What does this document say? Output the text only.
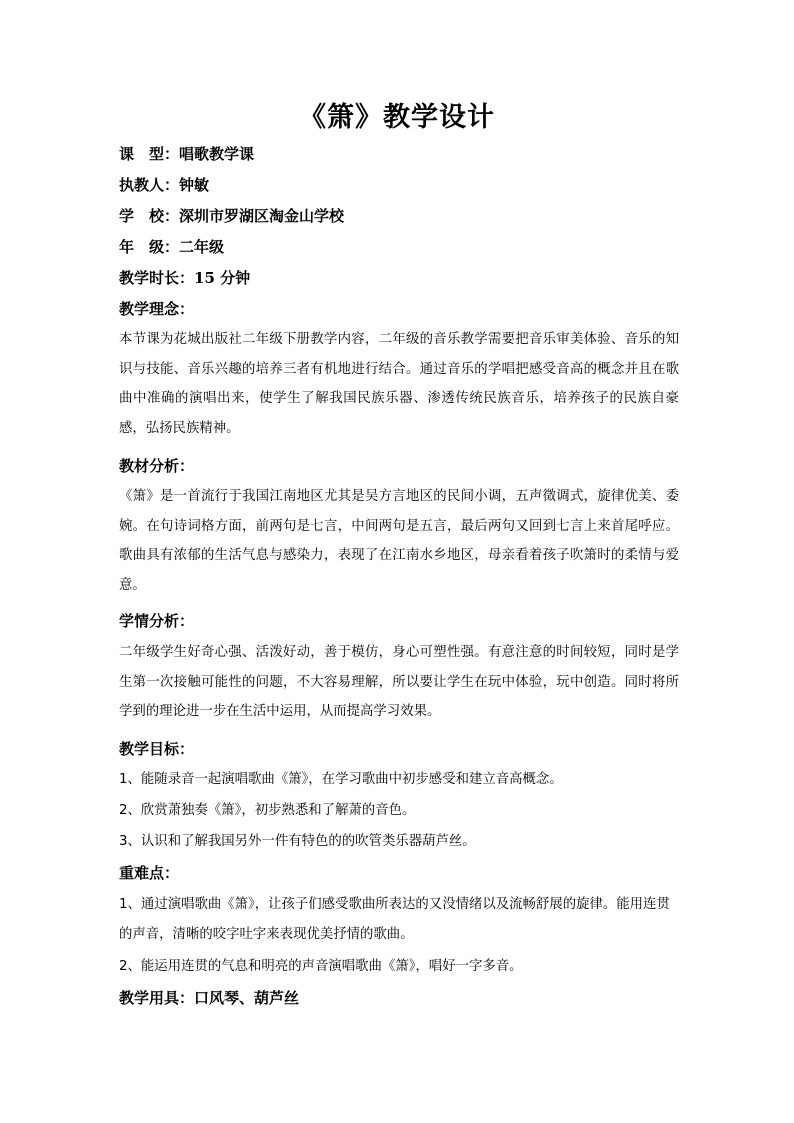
《箫》教学设计
课　型：唱歌教学课
执教人：钟敏
学　校：深圳市罗湖区淘金山学校
年　级：二年级
教学时长：15 分钟
教学理念：

本节课为花城出版社二年级下册教学内容，二年级的音乐教学需要把音乐审美体验、音乐的知识与技能、音乐兴趣的培养三者有机地进行结合。通过音乐的学唱把感受音高的概念并且在歌曲中准确的演唱出来，使学生了解我国民族乐器、渗透传统民族音乐，培养孩子的民族自豪感，弘扬民族精神。

教材分析：

《箫》是一首流行于我国江南地区尤其是吴方言地区的民间小调，五声徵调式，旋律优美、委婉。在句诗词格方面，前两句是七言，中间两句是五言，最后两句又回到七言上来首尾呼应。歌曲具有浓郁的生活气息与感染力，表现了在江南水乡地区，母亲看着孩子吹箫时的柔情与爱意。

学情分析：

二年级学生好奇心强、活泼好动，善于模仿，身心可塑性强。有意注意的时间较短，同时是学生第一次接触可能性的问题，不大容易理解，所以要让学生在玩中体验，玩中创造。同时将所学到的理论进一步在生活中运用，从而提高学习效果。

教学目标：

1、能随录音一起演唱歌曲《箫》，在学习歌曲中初步感受和建立音高概念。

2、欣赏萧独奏《箫》，初步熟悉和了解萧的音色。

3、认识和了解我国另外一件有特色的的吹管类乐器葫芦丝。

重难点：

1、通过演唱歌曲《箫》，让孩子们感受歌曲所表达的又没情绪以及流畅舒展的旋律。能用连贯的声音，清晰的咬字吐字来表现优美抒情的歌曲。

2、能运用连贯的气息和明亮的声音演唱歌曲《箫》，唱好一字多音。

教学用具：口风琴、葫芦丝
